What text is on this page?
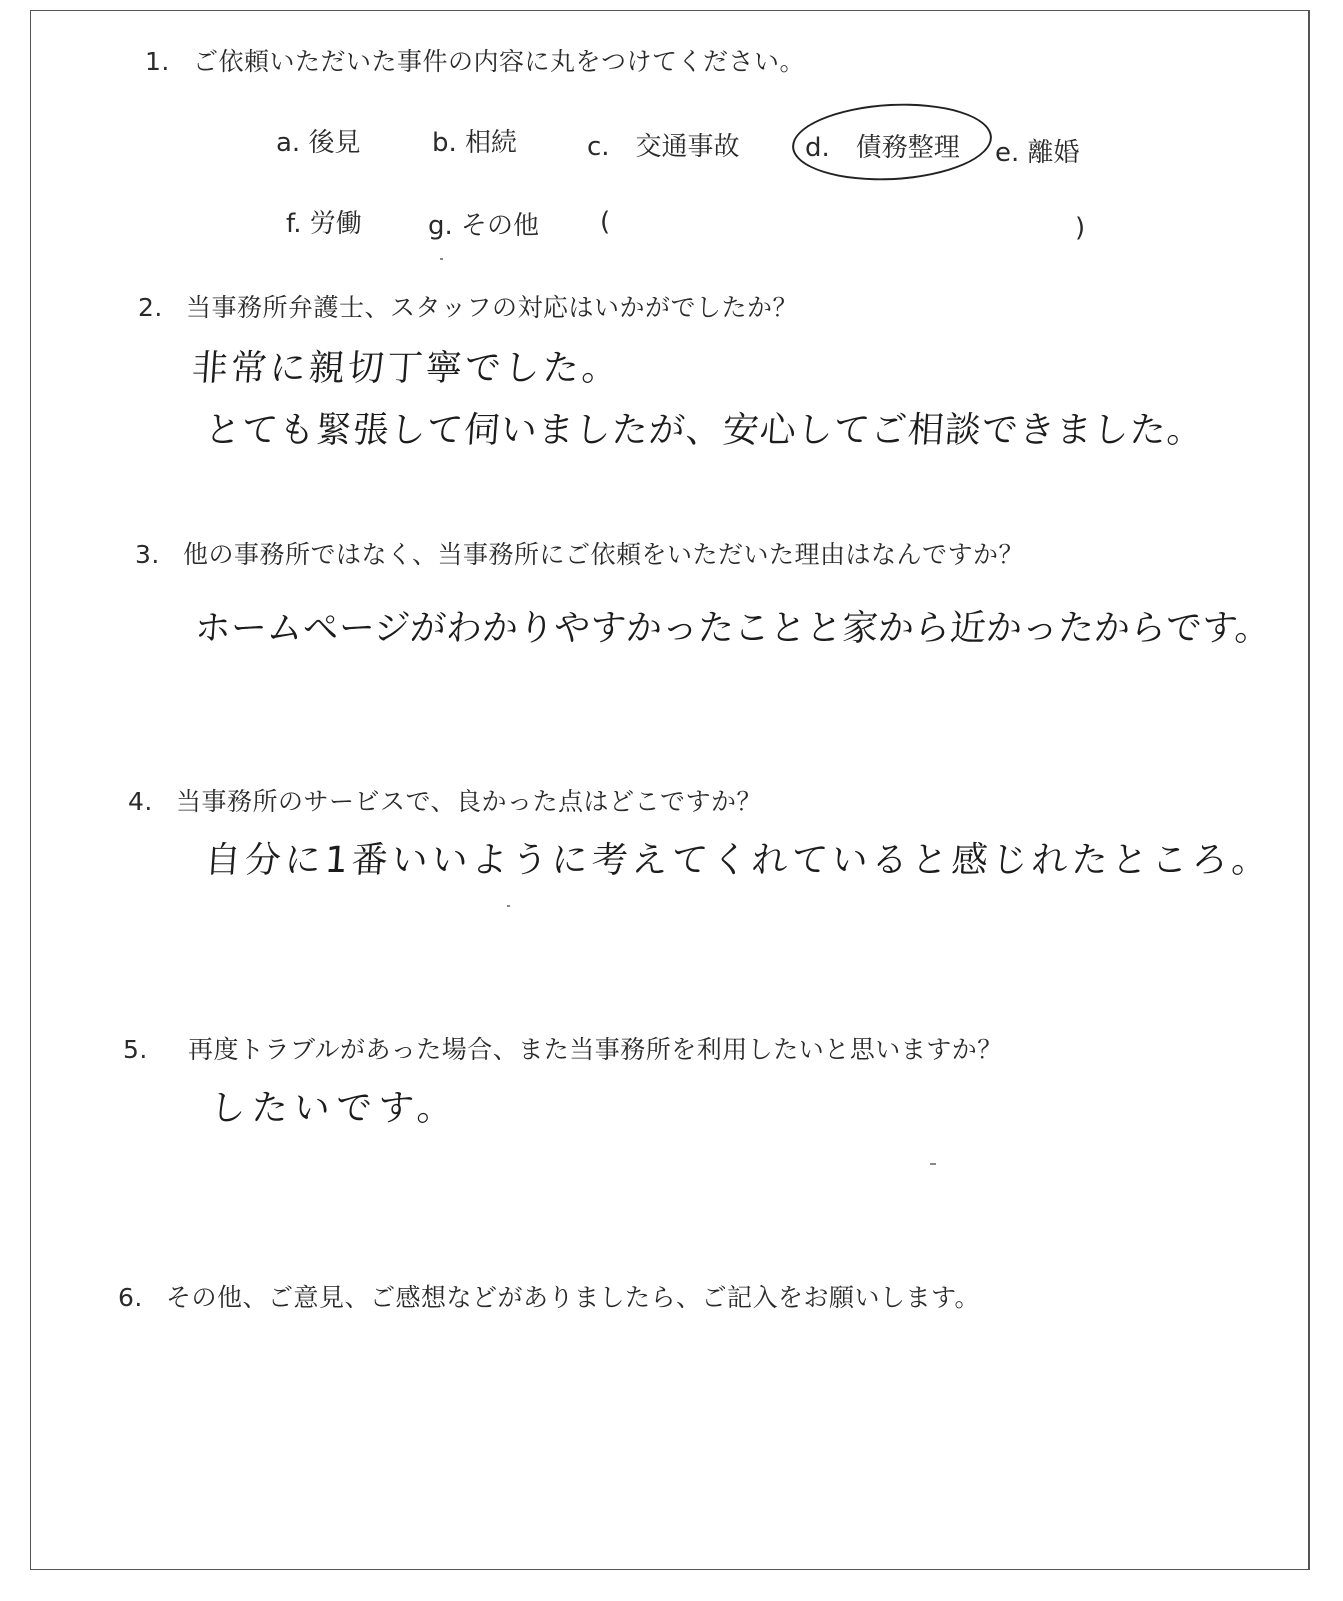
1. ご依頼いただいた事件の内容に丸をつけてください。
a. 後見	b. 相続	c.　交通事故	d.　債務整理 e. 離婚
f. 労働	g. その他 (	)
2. 当事務所弁護士、スタッフの対応はいかがでしたか？
非常に親切丁寧でした。
とても緊張して伺いましたが、安心してご相談できました。
3. 他の事務所ではなく、当事務所にご依頼をいただいた理由はなんですか？
ホームページがわかりやすかったことと家から近かったからです。
4. 当事務所のサービスで、良かった点はどこですか？
自分に1番いいように考えてくれていると感じれたところ。
5. 再度トラブルがあった場合、また当事務所を利用したいと思いますか？
したいです。
6. その他、ご意見、ご感想などがありましたら、ご記入をお願いします。
